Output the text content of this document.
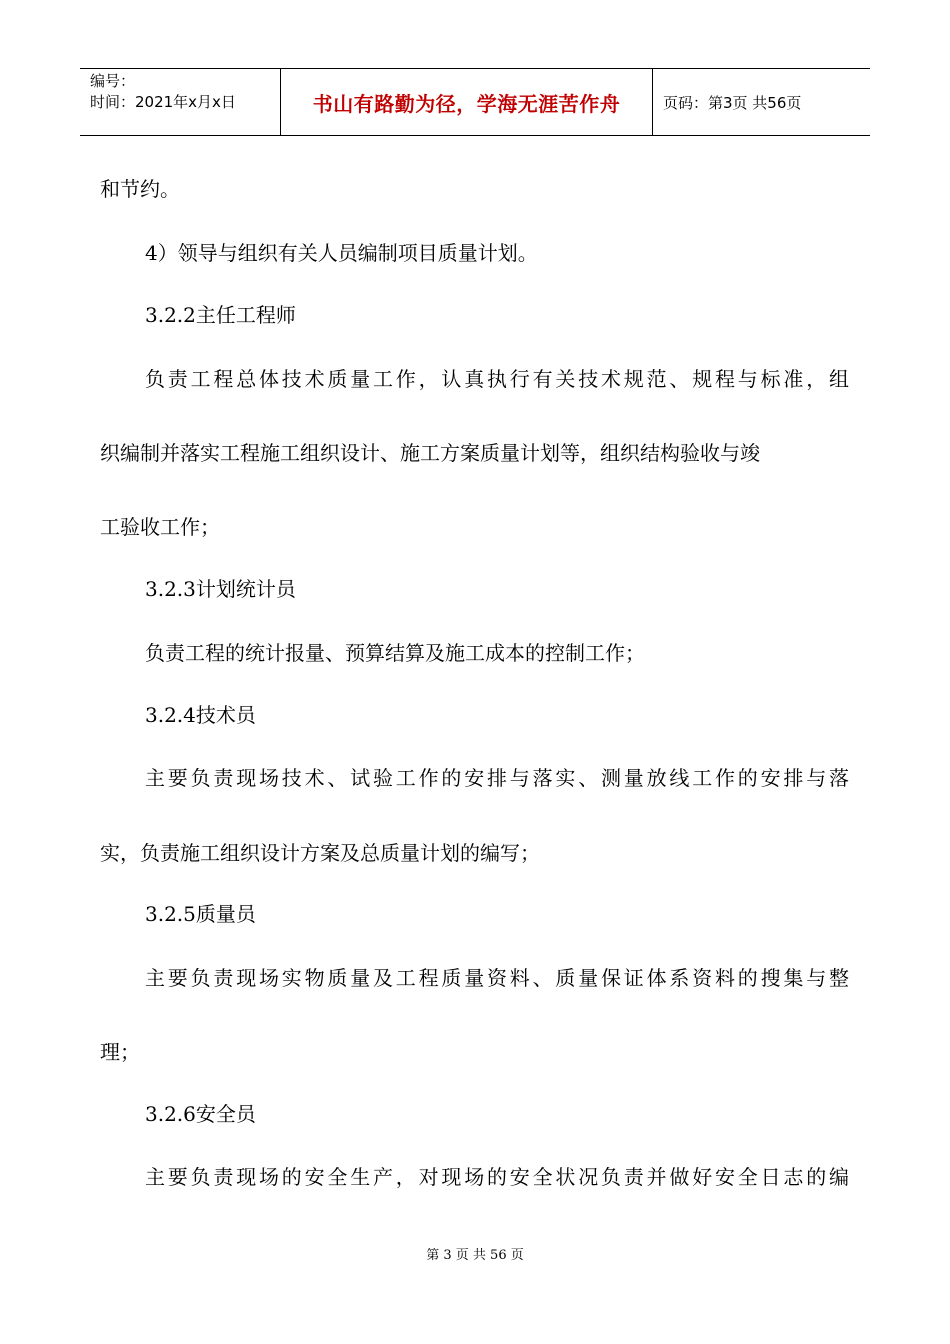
编号：
时间：2021年x月x日	书山有路勤为径，学海无涯苦作舟	页码：第3页 共56页
和节约。
4）领导与组织有关人员编制项目质量计划。
3.2.2主任工程师
负责工程总体技术质量工作，认真执行有关技术规范、规程与标准，组
织编制并落实工程施工组织设计、施工方案质量计划等，组织结构验收与竣
工验收工作；
3.2.3计划统计员
负责工程的统计报量、预算结算及施工成本的控制工作；
3.2.4技术员
主要负责现场技术、试验工作的安排与落实、测量放线工作的安排与落
实，负责施工组织设计方案及总质量计划的编写；
3.2.5质量员
主要负责现场实物质量及工程质量资料、质量保证体系资料的搜集与整
理；
3.2.6安全员
主要负责现场的安全生产，对现场的安全状况负责并做好安全日志的编
第 3 页 共 56 页
